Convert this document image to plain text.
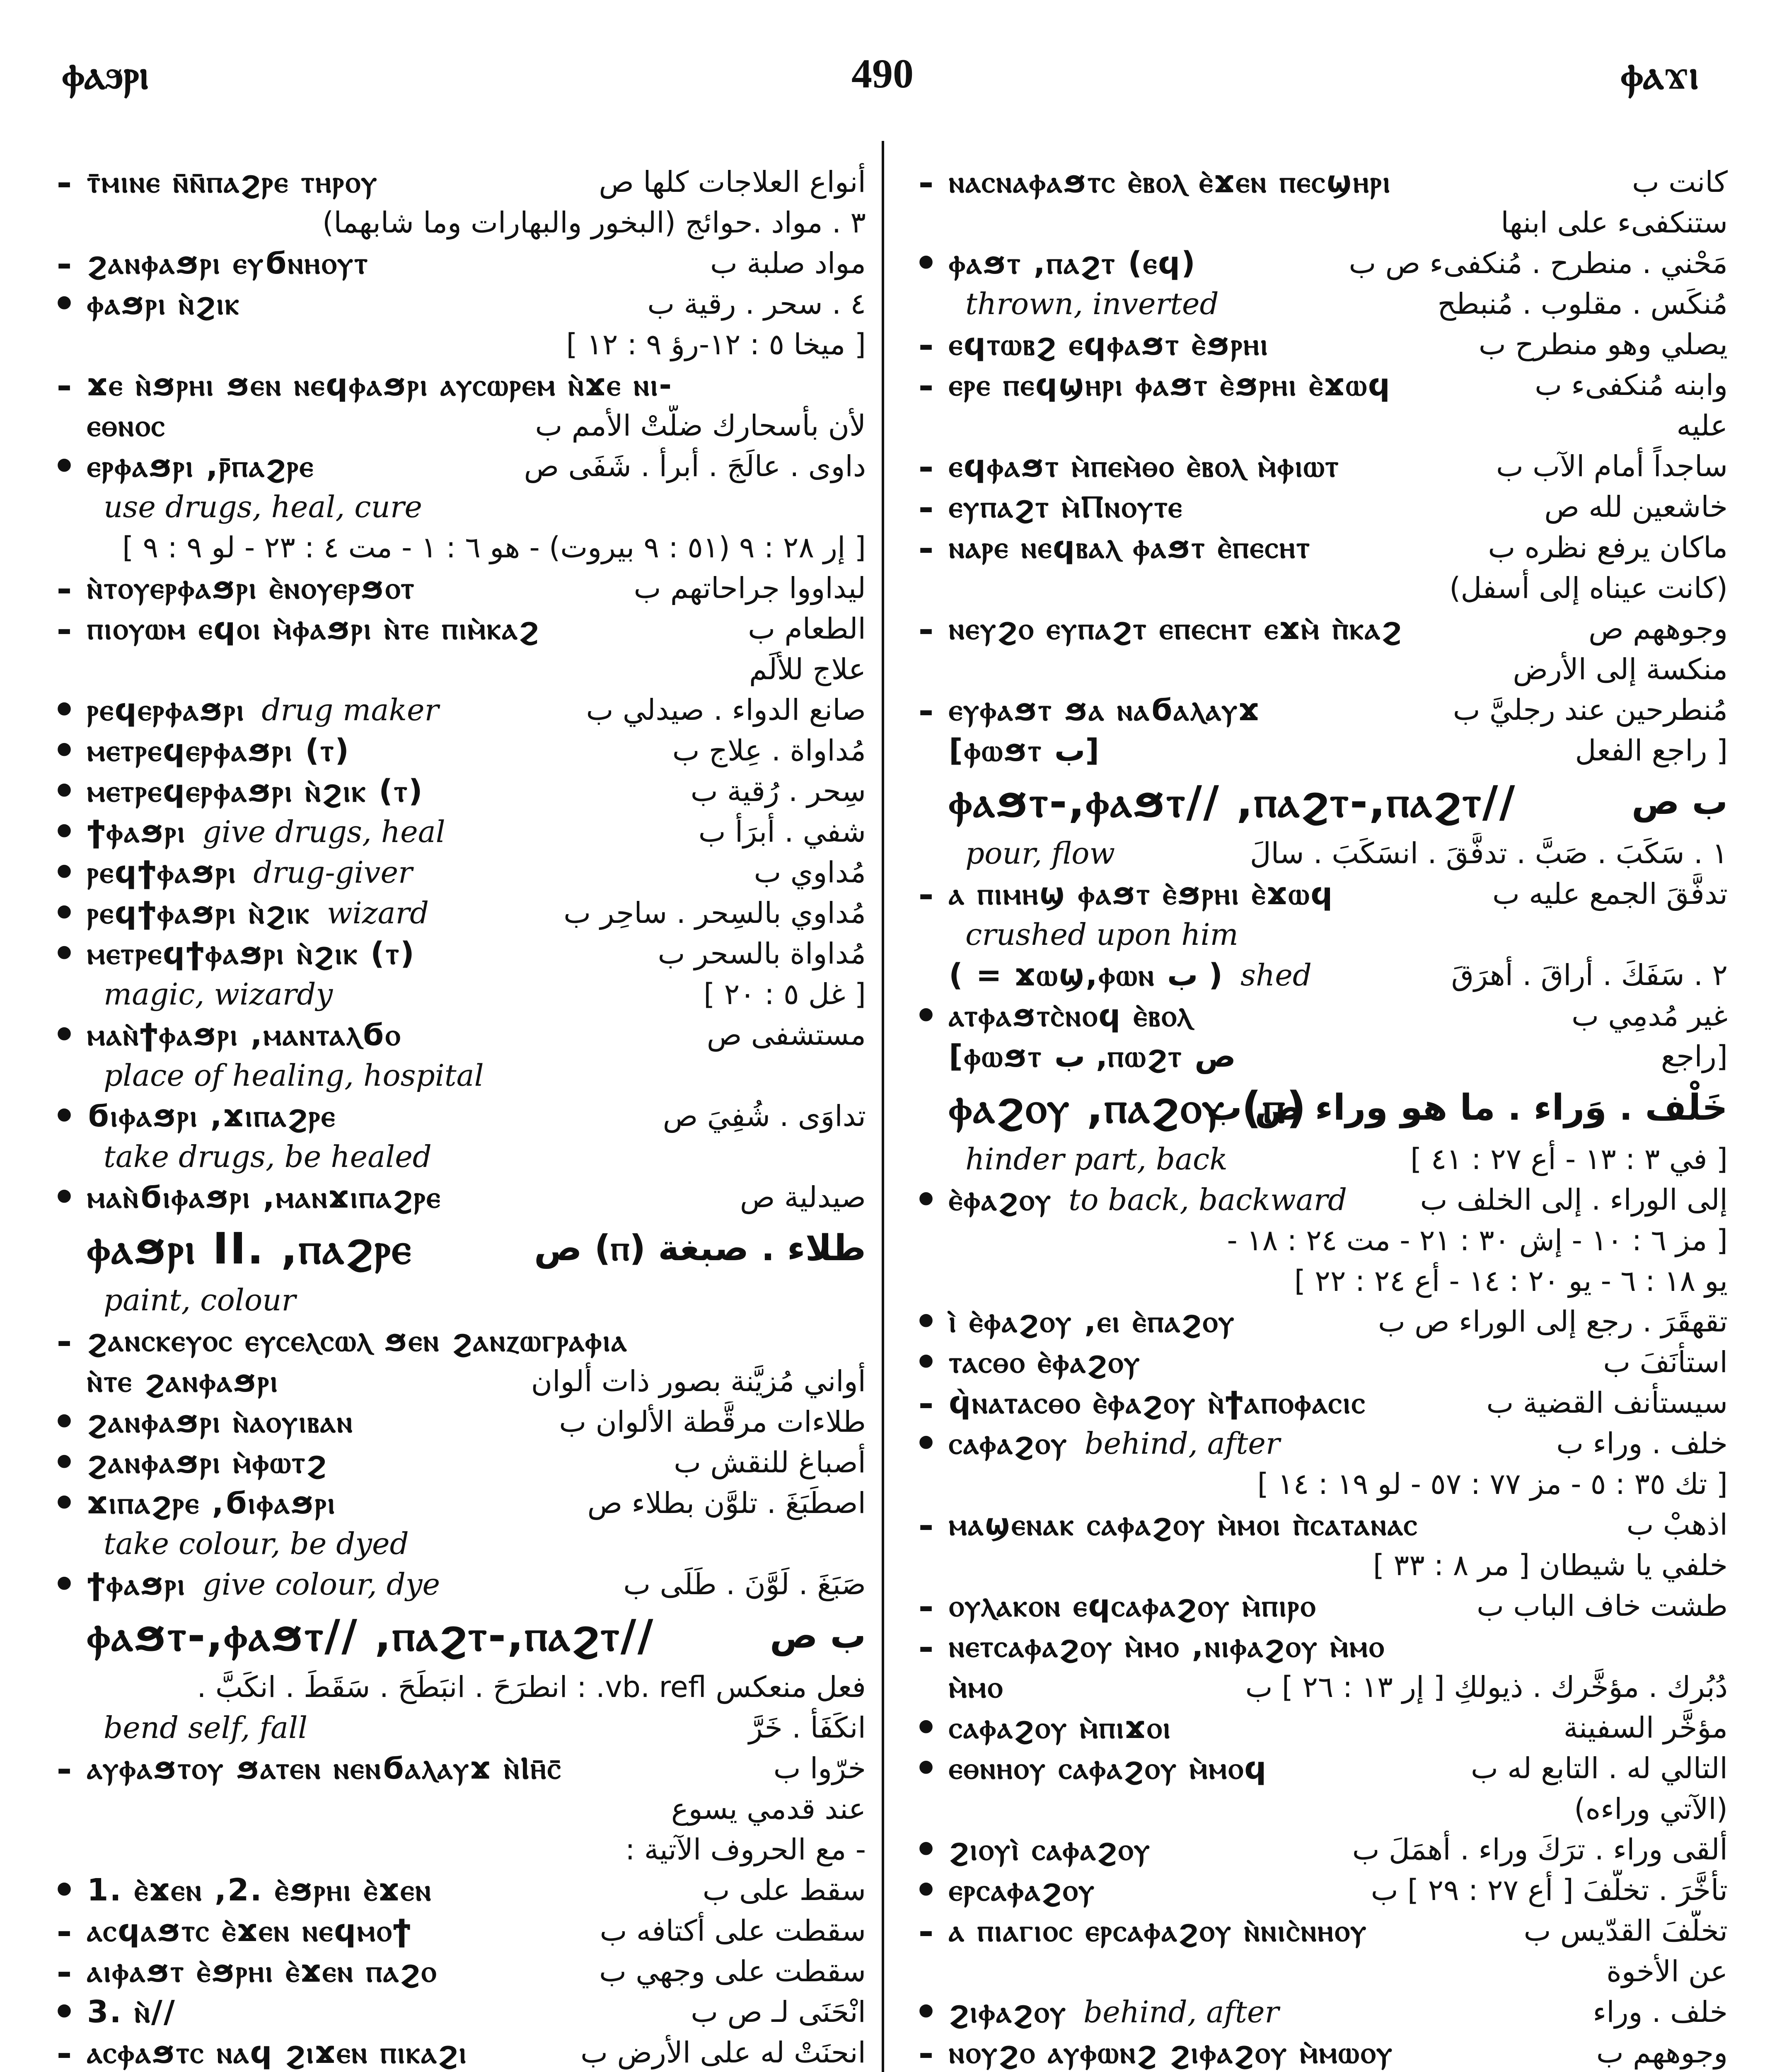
ⲫⲁϧⲣⲓ	490	ⲫⲁϫⲓ
- ⲧ̄ⲙⲓⲛⲉ ⲛ̄ⲛ̄ⲡⲁϩⲣⲉ ⲧⲏⲣⲟⲩ	أنواع العلاجات كلها ص
٣ . مواد .حوائج (البخور والبهارات وما شابهما)
- ϩⲁⲛⲫⲁϧⲣⲓ ⲉⲩϭⲛⲏⲟⲩⲧ	مواد صلبة ب
• ⲫⲁϧⲣⲓ ⲛ̀ϩⲓⲕ	٤ . سحر . رقية ب
[ ميخا ٥ : ١٢-رؤ ٩ : ١٢ ]
- ϫⲉ ⲛ̀ϧⲣⲏⲓ ϧⲉⲛ ⲛⲉϥⲫⲁϧⲣⲓ ⲁⲩⲥⲱⲣⲉⲙ ⲛ̀ϫⲉ ⲛⲓ-
ⲉⲑⲛⲟⲥ	لأن بأسحارك ضلّتْ الأمم ب
• ⲉⲣⲫⲁϧⲣⲓ ,ⲣ̄ⲡⲁϩⲣⲉ	داوى . عالَجَ . أبرأَ . شَفَى ص
use drugs, heal, cure
[ إر ٢٨ : ٩ (٥١ : ٩ بيروت) - هو ٦ : ١ - مت ٤ : ٢٣ - لو ٩ : ٩ ]
- ⲛ̀ⲧⲟⲩⲉⲣⲫⲁϧⲣⲓ ⲉ̀ⲛⲟⲩⲉⲣϧⲟⲧ	ليداووا جراحاتهم ب
- ⲡⲓⲟⲩⲱⲙ ⲉϥⲟⲓ ⲙ̀ⲫⲁϧⲣⲓ ⲛ̀ⲧⲉ ⲡⲓⲙ̀ⲕⲁϩ	الطعام ب
علاج للألَم
• ⲣⲉϥⲉⲣⲫⲁϧⲣⲓ drug maker	صانع الدواء . صيدلي ب
• ⲙⲉⲧⲣⲉϥⲉⲣⲫⲁϧⲣⲓ (ⲧ)	مُداواة . عِلاج ب
• ⲙⲉⲧⲣⲉϥⲉⲣⲫⲁϧⲣⲓ ⲛ̀ϩⲓⲕ (ⲧ)	سِحر . رُقية ب
• ϯⲫⲁϧⲣⲓ give drugs, heal	شفي . أبرَأَ ب
• ⲣⲉϥϯⲫⲁϧⲣⲓ drug-giver	مُداوي ب
• ⲣⲉϥϯⲫⲁϧⲣⲓ ⲛ̀ϩⲓⲕ wizard	مُداوي بالسِحر . ساحِر ب
• ⲙⲉⲧⲣⲉϥϯⲫⲁϧⲣⲓ ⲛ̀ϩⲓⲕ (ⲧ)	مُداواة بالسحر ب
magic, wizardy	[ غل ٥ : ٢٠ ]
• ⲙⲁⲛ̀ϯⲫⲁϧⲣⲓ ,ⲙⲁⲛⲧⲁⲗϭⲟ	مستشفى ص
place of healing, hospital
• ϭⲓⲫⲁϧⲣⲓ ,ϫⲓⲡⲁϩⲣⲉ	تداوَى . شُفِيَ ص
take drugs, be healed
• ⲙⲁⲛ̀ϭⲓⲫⲁϧⲣⲓ ,ⲙⲁⲛϫⲓⲡⲁϩⲣⲉ	صيدلية ص
ⲫⲁϧⲣⲓ II. ,ⲡⲁϩⲣⲉ	طلاء . صبغة (ⲡ) ص
paint, colour
- ϩⲁⲛⲥⲕⲉⲩⲟⲥ ⲉⲩⲥⲉⲗⲥⲱⲗ ϧⲉⲛ ϩⲁⲛⲍⲱⲅⲣⲁⲫⲓⲁ
ⲛ̀ⲧⲉ ϩⲁⲛⲫⲁϧⲣⲓ	أواني مُزيَّنة بصور ذات ألوان
• ϩⲁⲛⲫⲁϧⲣⲓ ⲛ̀ⲁⲟⲩⲓⲃⲁⲛ	طلاءات مرقَّطة الألوان ب
• ϩⲁⲛⲫⲁϧⲣⲓ ⲙ̀ⲫⲱⲧϩ	أصباغ للنقش ب
• ϫⲓⲡⲁϩⲣⲉ ,ϭⲓⲫⲁϧⲣⲓ	اصطَبَغَ . تلوَّن بطلاء ص
take colour, be dyed
• ϯⲫⲁϧⲣⲓ give colour, dye	صَبَغَ . لَوَّنَ . طَلَى ب
ⲫⲁϧⲧ-,ⲫⲁϧⲧ// ,ⲡⲁϩⲧ-,ⲡⲁϩⲧ//	ب ص
فعل منعكس vb. refl. : انطرَحَ . انبَطَحَ . سَقَطَ . انكَبَّ .
bend self, fall	انكَفَأَ . خَرَّ
- ⲁⲩⲫⲁϧⲧⲟⲩ ϧⲁⲧⲉⲛ ⲛⲉⲛϭⲁⲗⲁⲩϫ ⲛ̀Ⲓⲏ̄ⲥ̄	خرّوا ب
عند قدمي يسوع
- مع الحروف الآتية :
• 1. ⲉ̀ϫⲉⲛ ,2. ⲉ̀ϧⲣⲏⲓ ⲉ̀ϫⲉⲛ	سقط على ب
- ⲁⲥϥⲁϧⲧⲥ ⲉ̀ϫⲉⲛ ⲛⲉϥⲙⲟϯ	سقطت على أكتافه ب
- ⲁⲓⲫⲁϧⲧ ⲉ̀ϧⲣⲏⲓ ⲉ̀ϫⲉⲛ ⲡⲁϩⲟ	سقطت على وجهي ب
• 3. ⲛ̀//	انْحَنَى لـ ص ب
- ⲁⲥⲫⲁϧⲧⲥ ⲛⲁϥ ϩⲓϫⲉⲛ ⲡⲓⲕⲁϩⲓ	انحنَتْ له على الأرض ب
- ⲛⲁⲥⲛⲁⲫⲁϧⲧⲥ ⲉ̀ⲃⲟⲗ ⲉ̀ϫⲉⲛ ⲡⲉⲥϣⲏⲣⲓ	كانت ب
ستنكفىء على ابنها
• ⲫⲁϧⲧ ,ⲡⲁϩⲧ (ⲉϥ)	مَحْني . منطرح . مُنكفىء ص ب
thrown, inverted	مُنكَس . مقلوب . مُنبطح
- ⲉϥⲧⲱⲃϩ ⲉϥⲫⲁϧⲧ ⲉ̀ϧⲣⲏⲓ	يصلي وهو منطرح ب
- ⲉⲣⲉ ⲡⲉϥϣⲏⲣⲓ ⲫⲁϧⲧ ⲉ̀ϧⲣⲏⲓ ⲉ̀ϫⲱϥ	وابنه مُنكفىء ب
عليه
- ⲉϥⲫⲁϧⲧ ⲙ̀ⲡⲉⲙ̀ⲑⲟ ⲉ̀ⲃⲟⲗ ⲙ̀ⲫⲓⲱⲧ	ساجداً أمام الآب ب
- ⲉⲩⲡⲁϩⲧ ⲙ̀Ⲡⲛⲟⲩⲧⲉ	خاشعين لله ص
- ⲛⲁⲣⲉ ⲛⲉϥⲃⲁⲗ ⲫⲁϧⲧ ⲉ̀ⲡⲉⲥⲏⲧ	ماكان يرفع نظره ب
(كانت عيناه إلى أسفل)
- ⲛⲉⲩϩⲟ ⲉⲩⲡⲁϩⲧ ⲉⲡⲉⲥⲏⲧ ⲉϫⲙ̀ ⲡ̀ⲕⲁϩ	وجوههم ص
منكسة إلى الأرض
- ⲉⲩⲫⲁϧⲧ ϧⲁ ⲛⲁϭⲁⲗⲁⲩϫ	مُنطرحين عند رجليَّ ب
[ⲫⲱϧⲧ ب]	[ راجع الفعل
ⲫⲁϧⲧ-,ⲫⲁϧⲧ// ,ⲡⲁϩⲧ-,ⲡⲁϩⲧ//	ب ص
pour, flow	١ . سَكَبَ . صَبَّ . تدفَّقَ . انسَكَبَ . سالَ
- ⲁ ⲡⲓⲙⲏϣ ⲫⲁϧⲧ ⲉ̀ϧⲣⲏⲓ ⲉ̀ϫⲱϥ	تدفَّقَ الجمع عليه ب
crushed upon him
( = ϫⲱϣ,ⲫⲱⲛ ب ) shed	٢ . سَفَكَ . أراقَ . أهرَقَ
• ⲁⲧⲫⲁϧⲧⲥ̀ⲛⲟϥ ⲉ̀ⲃⲟⲗ	غير مُدمِي ب
[ⲫⲱϧⲧ ب ,ⲡⲱϩⲧ ص	[راجع
ⲫⲁϩⲟⲩ ,ⲡⲁϩⲟⲩ (ⲡ)
خَلْف . وَراء . ما هو وراء ص ب
hinder part, back	[ في ٣ : ١٣ - أع ٢٧ : ٤١ ]
• ⲉ̀ⲫⲁϩⲟⲩ to back, backward	إلى الوراء . إلى الخلف ب
[ مز ٦ : ١٠ - إش ٣٠ : ٢١ - مت ٢٤ : ١٨ -
يو ١٨ : ٦ - يو ٢٠ : ١٤ - أع ٢٤ : ٢٢ ]
• ⲓ̀ ⲉ̀ⲫⲁϩⲟⲩ ,ⲉⲓ ⲉ̀ⲡⲁϩⲟⲩ	تقهقَرَ . رجع إلى الوراء ص ب
• ⲧⲁⲥⲑⲟ ⲉ̀ⲫⲁϩⲟⲩ	استأنَفَ ب
- ϥ̀ⲛⲁⲧⲁⲥⲑⲟ ⲉ̀ⲫⲁϩⲟⲩ ⲛ̀ϯⲁⲡⲟⲫⲁⲥⲓⲥ	سيستأنف القضية ب
• ⲥⲁⲫⲁϩⲟⲩ behind, after	خلف . وراء ب
[ تك ٣٥ : ٥ - مز ٧٧ : ٥٧ - لو ١٩ : ١٤ ]
- ⲙⲁϣⲉⲛⲁⲕ ⲥⲁⲫⲁϩⲟⲩ ⲙ̀ⲙⲟⲓ ⲡ̀ⲥⲁⲧⲁⲛⲁⲥ	اذهبْ ب
خلفي يا شيطان [ مر ٨ : ٣٣ ]
- ⲟⲩⲗⲁⲕⲟⲛ ⲉϥⲥⲁⲫⲁϩⲟⲩ ⲙ̀ⲡⲓⲣⲟ	طشت خاف الباب ب
- ⲛⲉⲧⲥⲁⲫⲁϩⲟⲩ ⲙ̀ⲙⲟ ,ⲛⲓⲫⲁϩⲟⲩ ⲙ̀ⲙⲟ
ⲙ̀ⲙⲟ	دُبُرك . مؤخَّرك . ذيولكِ [ إر ١٣ : ٢٦ ] ب
• ⲥⲁⲫⲁϩⲟⲩ ⲙ̀ⲡⲓϫⲟⲓ	مؤخَّر السفينة
• ⲉⲑⲛⲏⲟⲩ ⲥⲁⲫⲁϩⲟⲩ ⲙ̀ⲙⲟϥ	التالي له . التابع له ب
(الآتي وراءه)
• ϩⲓⲟⲩⲓ̀ ⲥⲁⲫⲁϩⲟⲩ	ألقى وراء . ترَكَ وراء . أهمَلَ ب
• ⲉⲣⲥⲁⲫⲁϩⲟⲩ	تأخَّرَ . تخلَّفَ [ أع ٢٧ : ٢٩ ] ب
- ⲁ ⲡⲓⲁⲅⲓⲟⲥ ⲉⲣⲥⲁⲫⲁϩⲟⲩ ⲛ̀ⲛⲓⲥ̀ⲛⲏⲟⲩ	تخلَّفَ القدّيس ب
عن الأخوة
• ϩⲓⲫⲁϩⲟⲩ behind, after	خلف . وراء
- ⲛⲟⲩϩⲟ ⲁⲩⲫⲱⲛϩ ϩⲓⲫⲁϩⲟⲩ ⲙ̀ⲙⲱⲟⲩ	وجوههم ب
